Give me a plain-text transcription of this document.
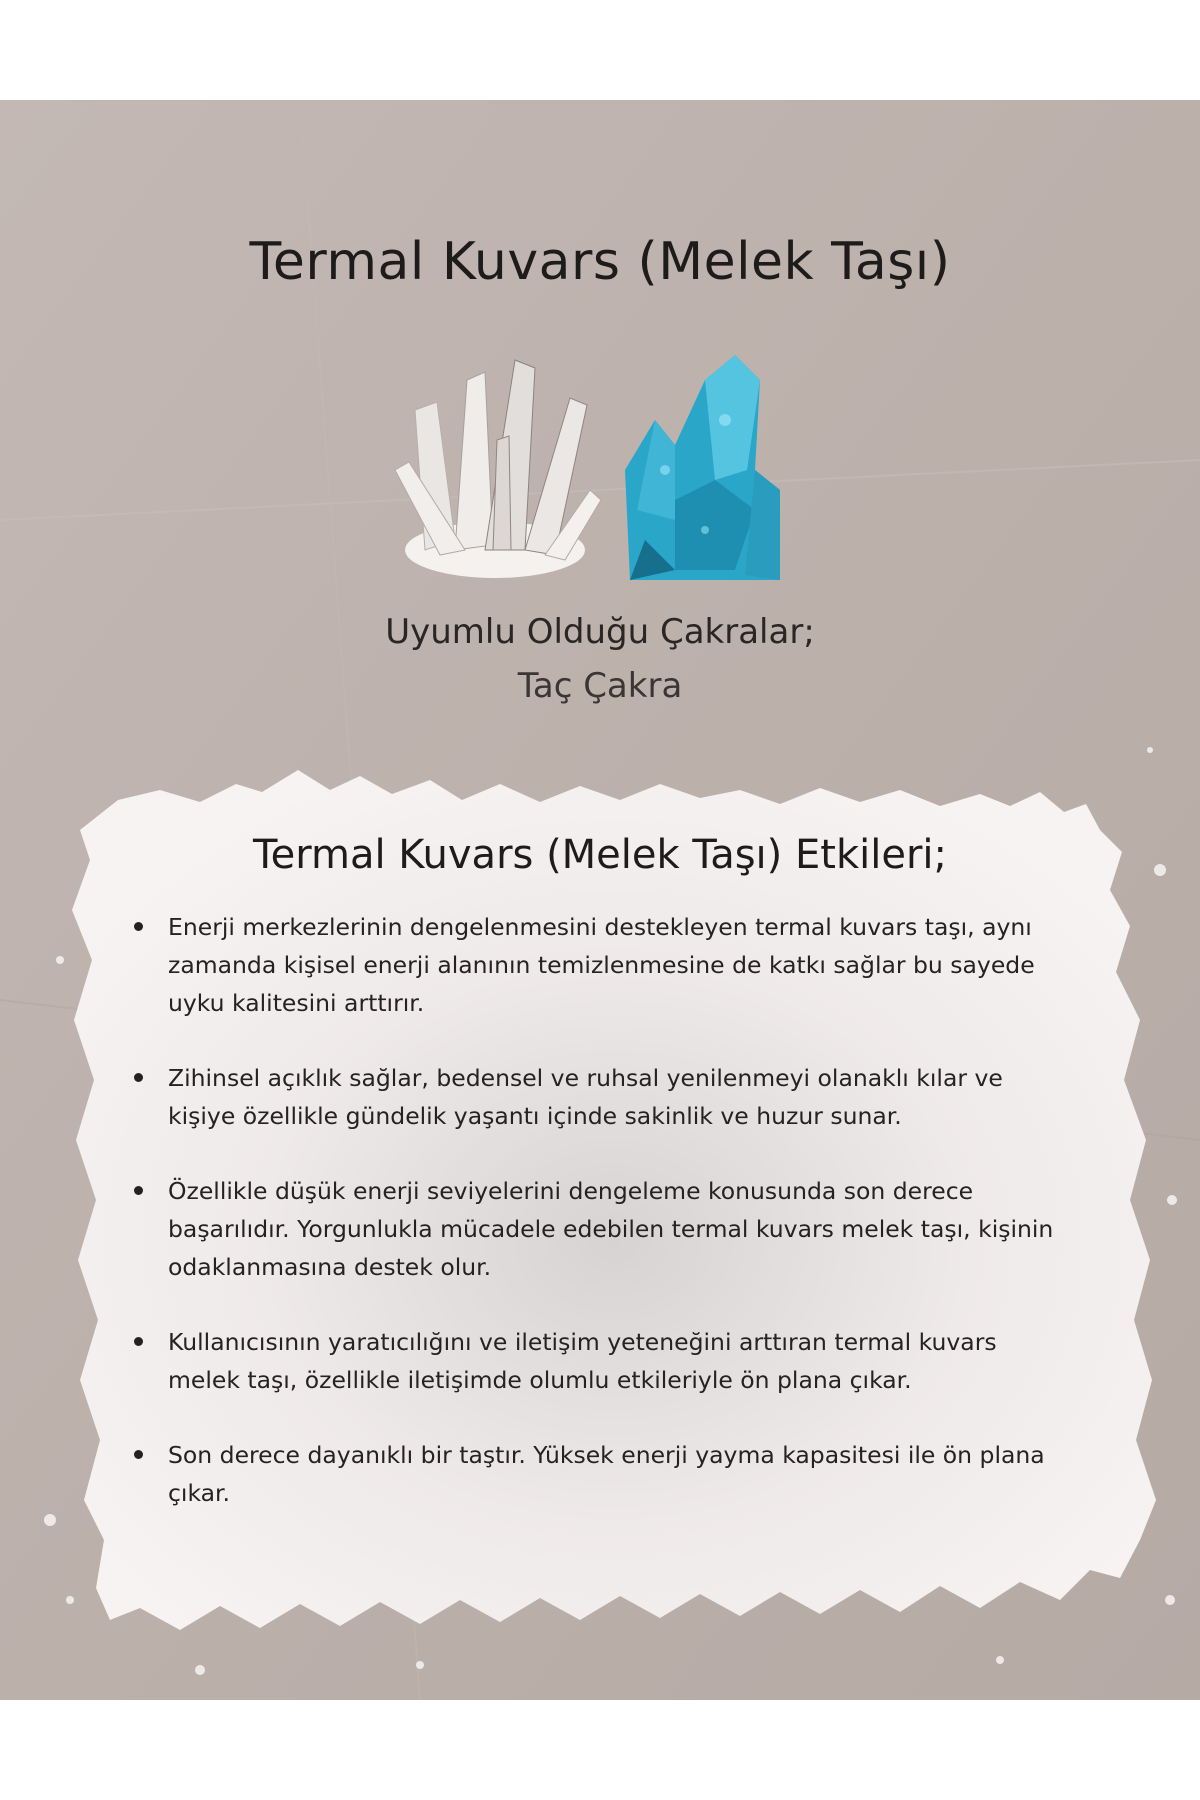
Termal Kuvars (Melek Taşı)
Uyumlu Olduğu Çakralar;
Taç Çakra
Termal Kuvars (Melek Taşı) Etkileri;
Enerji merkezlerinin dengelenmesini destekleyen termal kuvars taşı, aynı zamanda kişisel enerji alanının temizlenmesine de katkı sağlar bu sayede uyku kalitesini arttırır.
Zihinsel açıklık sağlar, bedensel ve ruhsal yenilenmeyi olanaklı kılar ve kişiye özellikle gündelik yaşantı içinde sakinlik ve huzur sunar.
Özellikle düşük enerji seviyelerini dengeleme konusunda son derece başarılıdır. Yorgunlukla mücadele edebilen termal kuvars melek taşı, kişinin odaklanmasına destek olur.
Kullanıcısının yaratıcılığını ve iletişim yeteneğini arttıran termal kuvars melek taşı, özellikle iletişimde olumlu etkileriyle ön plana çıkar.
Son derece dayanıklı bir taştır. Yüksek enerji yayma kapasitesi ile ön plana çıkar.
